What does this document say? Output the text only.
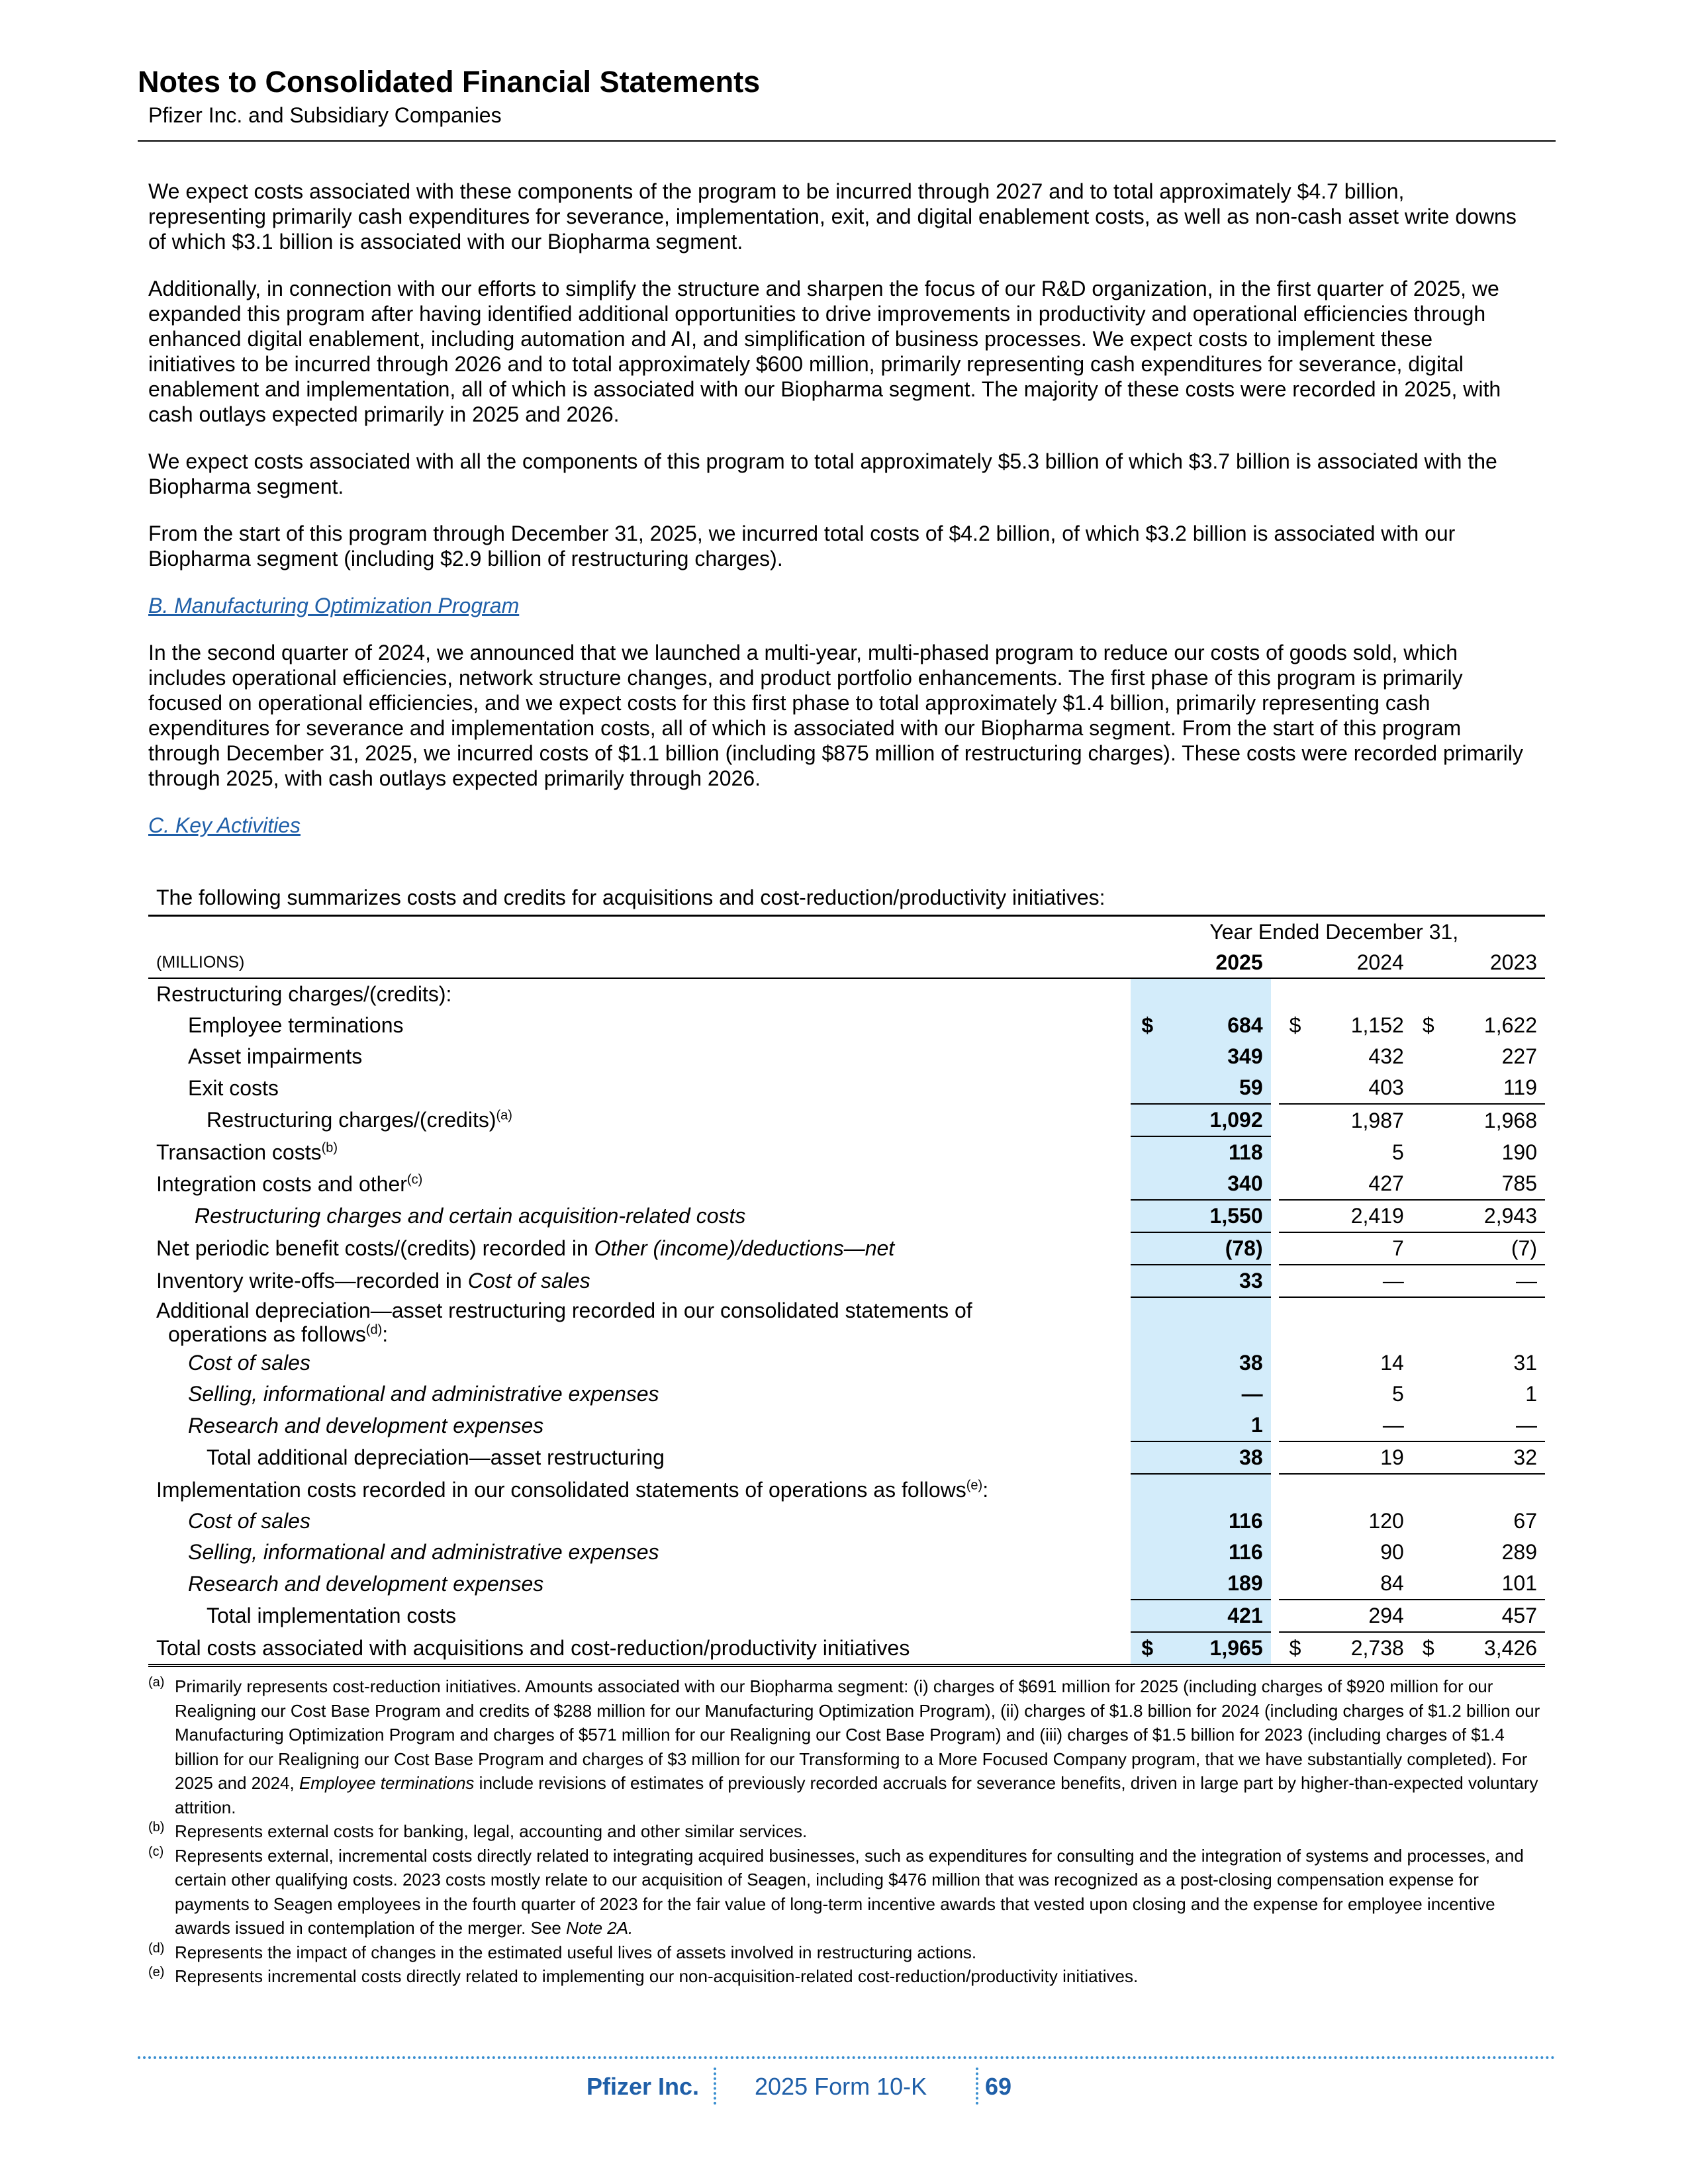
Notes to Consolidated Financial Statements
Pfizer Inc. and Subsidiary Companies

We expect costs associated with these components of the program to be incurred through 2027 and to total approximately $4.7 billion, representing primarily cash expenditures for severance, implementation, exit, and digital enablement costs, as well as non-cash asset write downs of which $3.1 billion is associated with our Biopharma segment.

Additionally, in connection with our efforts to simplify the structure and sharpen the focus of our R&D organization, in the first quarter of 2025, we expanded this program after having identified additional opportunities to drive improvements in productivity and operational efficiencies through enhanced digital enablement, including automation and AI, and simplification of business processes. We expect costs to implement these initiatives to be incurred through 2026 and to total approximately $600 million, primarily representing cash expenditures for severance, digital enablement and implementation, all of which is associated with our Biopharma segment. The majority of these costs were recorded in 2025, with cash outlays expected primarily in 2025 and 2026.

We expect costs associated with all the components of this program to total approximately $5.3 billion of which $3.7 billion is associated with the Biopharma segment.

From the start of this program through December 31, 2025, we incurred total costs of $4.2 billion, of which $3.2 billion is associated with our Biopharma segment (including $2.9 billion of restructuring charges).

B. Manufacturing Optimization Program

In the second quarter of 2024, we announced that we launched a multi-year, multi-phased program to reduce our costs of goods sold, which includes operational efficiencies, network structure changes, and product portfolio enhancements. The first phase of this program is primarily focused on operational efficiencies, and we expect costs for this first phase to total approximately $1.4 billion, primarily representing cash expenditures for severance and implementation costs, all of which is associated with our Biopharma segment. From the start of this program through December 31, 2025, we incurred costs of $1.1 billion (including $875 million of restructuring charges). These costs were recorded primarily through 2025, with cash outlays expected primarily through 2026.

C. Key Activities

The following summarizes costs and credits for acquisitions and cost-reduction/productivity initiatives:
	Year Ended December 31,			
(MILLIONS)	2025		2024	2023
Restructuring charges/(credits):				
Employee terminations	$ 684		$ 1,152	$ 1,622
Asset impairments	349		432	227
Exit costs	59		403	119
Restructuring charges/(credits)$^{(a)}$	1,092		1,987	1,968
Transaction costs$^{(b)}$	118		5	190
Integration costs and other$^{(c)}$	340		427	785
Restructuring charges and certain acquisition-related costs	1,550		2,419	2,943
Net periodic benefit costs/(credits) recorded in Other (income)/deductions—net	(78)		7	(7)
Inventory write-offs—recorded in Cost of sales	33		—	—
Additional depreciation—asset restructuring recorded in our consolidated statements of
operations as follows$^{(d)}$:				
Cost of sales	38		14	31
Selling, informational and administrative expenses	—		5	1
Research and development expenses	1		—	—
Total additional depreciation—asset restructuring	38		19	32
Implementation costs recorded in our consolidated statements of operations as follows$^{(e)}$:				
Cost of sales	116		120	67
Selling, informational and administrative expenses	116		90	289
Research and development expenses	189		84	101
Total implementation costs	421		294	457
Total costs associated with acquisitions and cost-reduction/productivity initiatives	$ 1,965		$ 2,738	$ 3,426

(a) Primarily represents cost-reduction initiatives. Amounts associated with our Biopharma segment: (i) charges of $691 million for 2025 (including charges of $920 million for our Realigning our Cost Base Program and credits of $288 million for our Manufacturing Optimization Program), (ii) charges of $1.8 billion for 2024 (including charges of $1.2 billion our Manufacturing Optimization Program and charges of $571 million for our Realigning our Cost Base Program) and (iii) charges of $1.5 billion for 2023 (including charges of $1.4 billion for our Realigning our Cost Base Program and charges of $3 million for our Transforming to a More Focused Company program, that we have substantially completed). For 2025 and 2024, Employee terminations include revisions of estimates of previously recorded accruals for severance benefits, driven in large part by higher-than-expected voluntary attrition.

(b) Represents external costs for banking, legal, accounting and other similar services.

(c) Represents external, incremental costs directly related to integrating acquired businesses, such as expenditures for consulting and the integration of systems and processes, and certain other qualifying costs. 2023 costs mostly relate to our acquisition of Seagen, including $476 million that was recognized as a post-closing compensation expense for payments to Seagen employees in the fourth quarter of 2023 for the fair value of long-term incentive awards that vested upon closing and the expense for employee incentive awards issued in contemplation of the merger. See Note 2A.

(d) Represents the impact of changes in the estimated useful lives of assets involved in restructuring actions.

(e) Represents incremental costs directly related to implementing our non-acquisition-related cost-reduction/productivity initiatives.

Pfizer Inc. 2025 Form 10-K 69
